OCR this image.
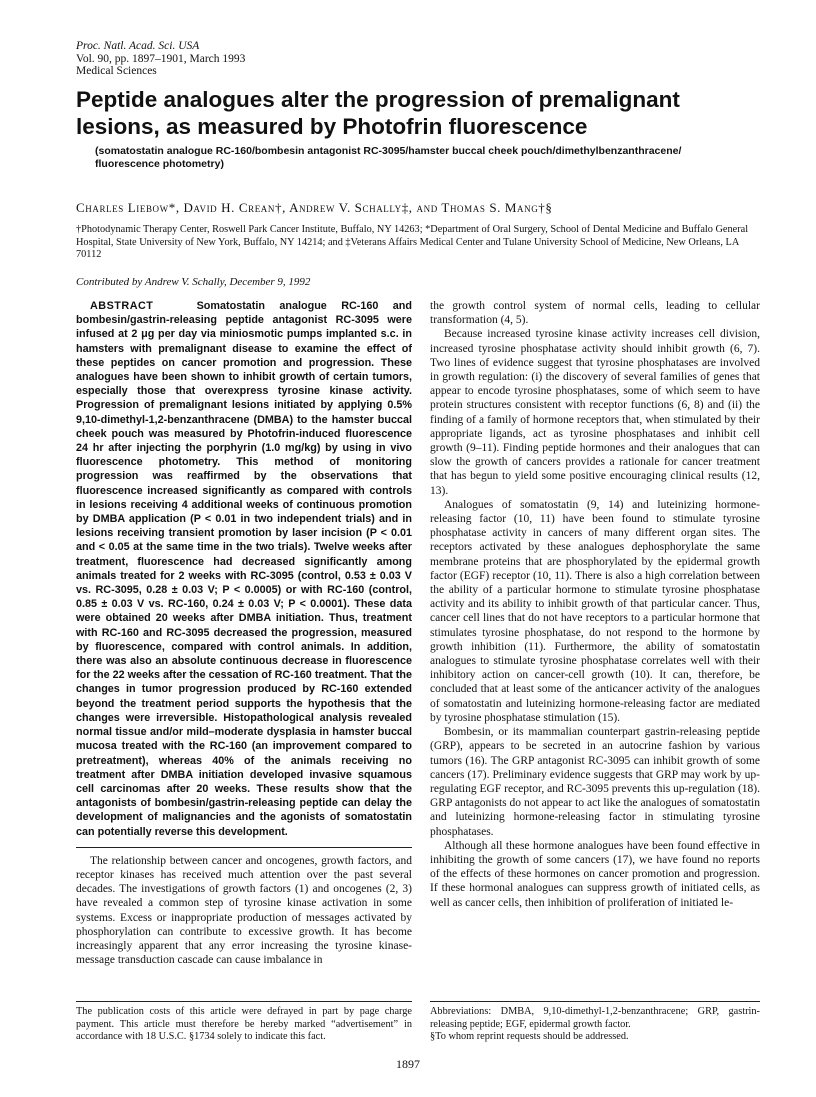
Proc. Natl. Acad. Sci. USA
Vol. 90, pp. 1897–1901, March 1993
Medical Sciences
Peptide analogues alter the progression of premalignant lesions, as measured by Photofrin fluorescence

(somatostatin analogue RC-160/bombesin antagonist RC-3095/hamster buccal cheek pouch/dimethylbenzanthracene/ fluorescence photometry)

Charles Liebow*, David H. Crean†, Andrew V. Schally‡, and Thomas S. Mang†§

†Photodynamic Therapy Center, Roswell Park Cancer Institute, Buffalo, NY 14263; *Department of Oral Surgery, School of Dental Medicine and Buffalo General Hospital, State University of New York, Buffalo, NY 14214; and ‡Veterans Affairs Medical Center and Tulane University School of Medicine, New Orleans, LA 70112

Contributed by Andrew V. Schally, December 9, 1992

ABSTRACT	Somatostatin analogue RC-160 and bombesin/gastrin-releasing peptide antagonist RC-3095 were infused at 2 μg per day via miniosmotic pumps implanted s.c. in hamsters with premalignant disease to examine the effect of these peptides on cancer promotion and progression. These analogues have been shown to inhibit growth of certain tumors, especially those that overexpress tyrosine kinase activity. Progression of premalignant lesions initiated by applying 0.5% 9,10-dimethyl-1,2-benzanthracene (DMBA) to the hamster buccal cheek pouch was measured by Photofrin-induced fluorescence 24 hr after injecting the porphyrin (1.0 mg/kg) by using in vivo fluorescence photometry. This method of monitoring progression was reaffirmed by the observations that fluorescence increased significantly as compared with controls in lesions receiving 4 additional weeks of continuous promotion by DMBA application (P < 0.01 in two independent trials) and in lesions receiving transient promotion by laser incision (P < 0.01 and < 0.05 at the same time in the two trials). Twelve weeks after treatment, fluorescence had decreased significantly among animals treated for 2 weeks with RC-3095 (control, 0.53 ± 0.03 V vs. RC-3095, 0.28 ± 0.03 V; P < 0.0005) or with RC-160 (control, 0.85 ± 0.03 V vs. RC-160, 0.24 ± 0.03 V; P < 0.0001). These data were obtained 20 weeks after DMBA initiation. Thus, treatment with RC-160 and RC-3095 decreased the progression, measured by fluorescence, compared with control animals. In addition, there was also an absolute continuous decrease in fluorescence for the 22 weeks after the cessation of RC-160 treatment. That the changes in tumor progression produced by RC-160 extended beyond the treatment period supports the hypothesis that the changes were irreversible. Histopathological analysis revealed normal tissue and/or mild–moderate dysplasia in hamster buccal mucosa treated with the RC-160 (an improvement compared to pretreatment), whereas 40% of the animals receiving no treatment after DMBA initiation developed invasive squamous cell carcinomas after 20 weeks. These results show that the antagonists of bombesin/gastrin-releasing peptide can delay the development of malignancies and the agonists of somatostatin can potentially reverse this development.

The relationship between cancer and oncogenes, growth factors, and receptor kinases has received much attention over the past several decades. The investigations of growth factors (1) and oncogenes (2, 3) have revealed a common step of tyrosine kinase activation in some systems. Excess or inappropriate production of messages activated by phosphorylation can contribute to excessive growth. It has become increasingly apparent that any error increasing the tyrosine kinase-message transduction cascade can cause imbalance in

the growth control system of normal cells, leading to cellular transformation (4, 5).

Because increased tyrosine kinase activity increases cell division, increased tyrosine phosphatase activity should inhibit growth (6, 7). Two lines of evidence suggest that tyrosine phosphatases are involved in growth regulation: (i) the discovery of several families of genes that appear to encode tyrosine phosphatases, some of which seem to have protein structures consistent with receptor functions (6, 8) and (ii) the finding of a family of hormone receptors that, when stimulated by their appropriate ligands, act as tyrosine phosphatases and inhibit cell growth (9–11). Finding peptide hormones and their analogues that can slow the growth of cancers provides a rationale for cancer treatment that has begun to yield some positive encouraging clinical results (12, 13).

Analogues of somatostatin (9, 14) and luteinizing hormone-releasing factor (10, 11) have been found to stimulate tyrosine phosphatase activity in cancers of many different organ sites. The receptors activated by these analogues dephosphorylate the same membrane proteins that are phosphorylated by the epidermal growth factor (EGF) receptor (10, 11). There is also a high correlation between the ability of a particular hormone to stimulate tyrosine phosphatase activity and its ability to inhibit growth of that particular cancer. Thus, cancer cell lines that do not have receptors to a particular hormone that stimulates tyrosine phosphatase, do not respond to the hormone by growth inhibition (11). Furthermore, the ability of somatostatin analogues to stimulate tyrosine phosphatase correlates well with their inhibitory action on cancer-cell growth (10). It can, therefore, be concluded that at least some of the anticancer activity of the analogues of somatostatin and luteinizing hormone-releasing factor are mediated by tyrosine phosphatase stimulation (15).

Bombesin, or its mammalian counterpart gastrin-releasing peptide (GRP), appears to be secreted in an autocrine fashion by various tumors (16). The GRP antagonist RC-3095 can inhibit growth of some cancers (17). Preliminary evidence suggests that GRP may work by up-regulating EGF receptor, and RC-3095 prevents this up-regulation (18). GRP antagonists do not appear to act like the analogues of somatostatin and luteinizing hormone-releasing factor in stimulating tyrosine phosphatases.

Although all these hormone analogues have been found effective in inhibiting the growth of some cancers (17), we have found no reports of the effects of these hormones on cancer promotion and progression. If these hormonal analogues can suppress growth of initiated cells, as well as cancer cells, then inhibition of proliferation of initiated le-

The publication costs of this article were defrayed in part by page charge payment. This article must therefore be hereby marked “advertisement” in accordance with 18 U.S.C. §1734 solely to indicate this fact.

Abbreviations: DMBA, 9,10-dimethyl-1,2-benzanthracene; GRP, gastrin-releasing peptide; EGF, epidermal growth factor.

§To whom reprint requests should be addressed.

1897
